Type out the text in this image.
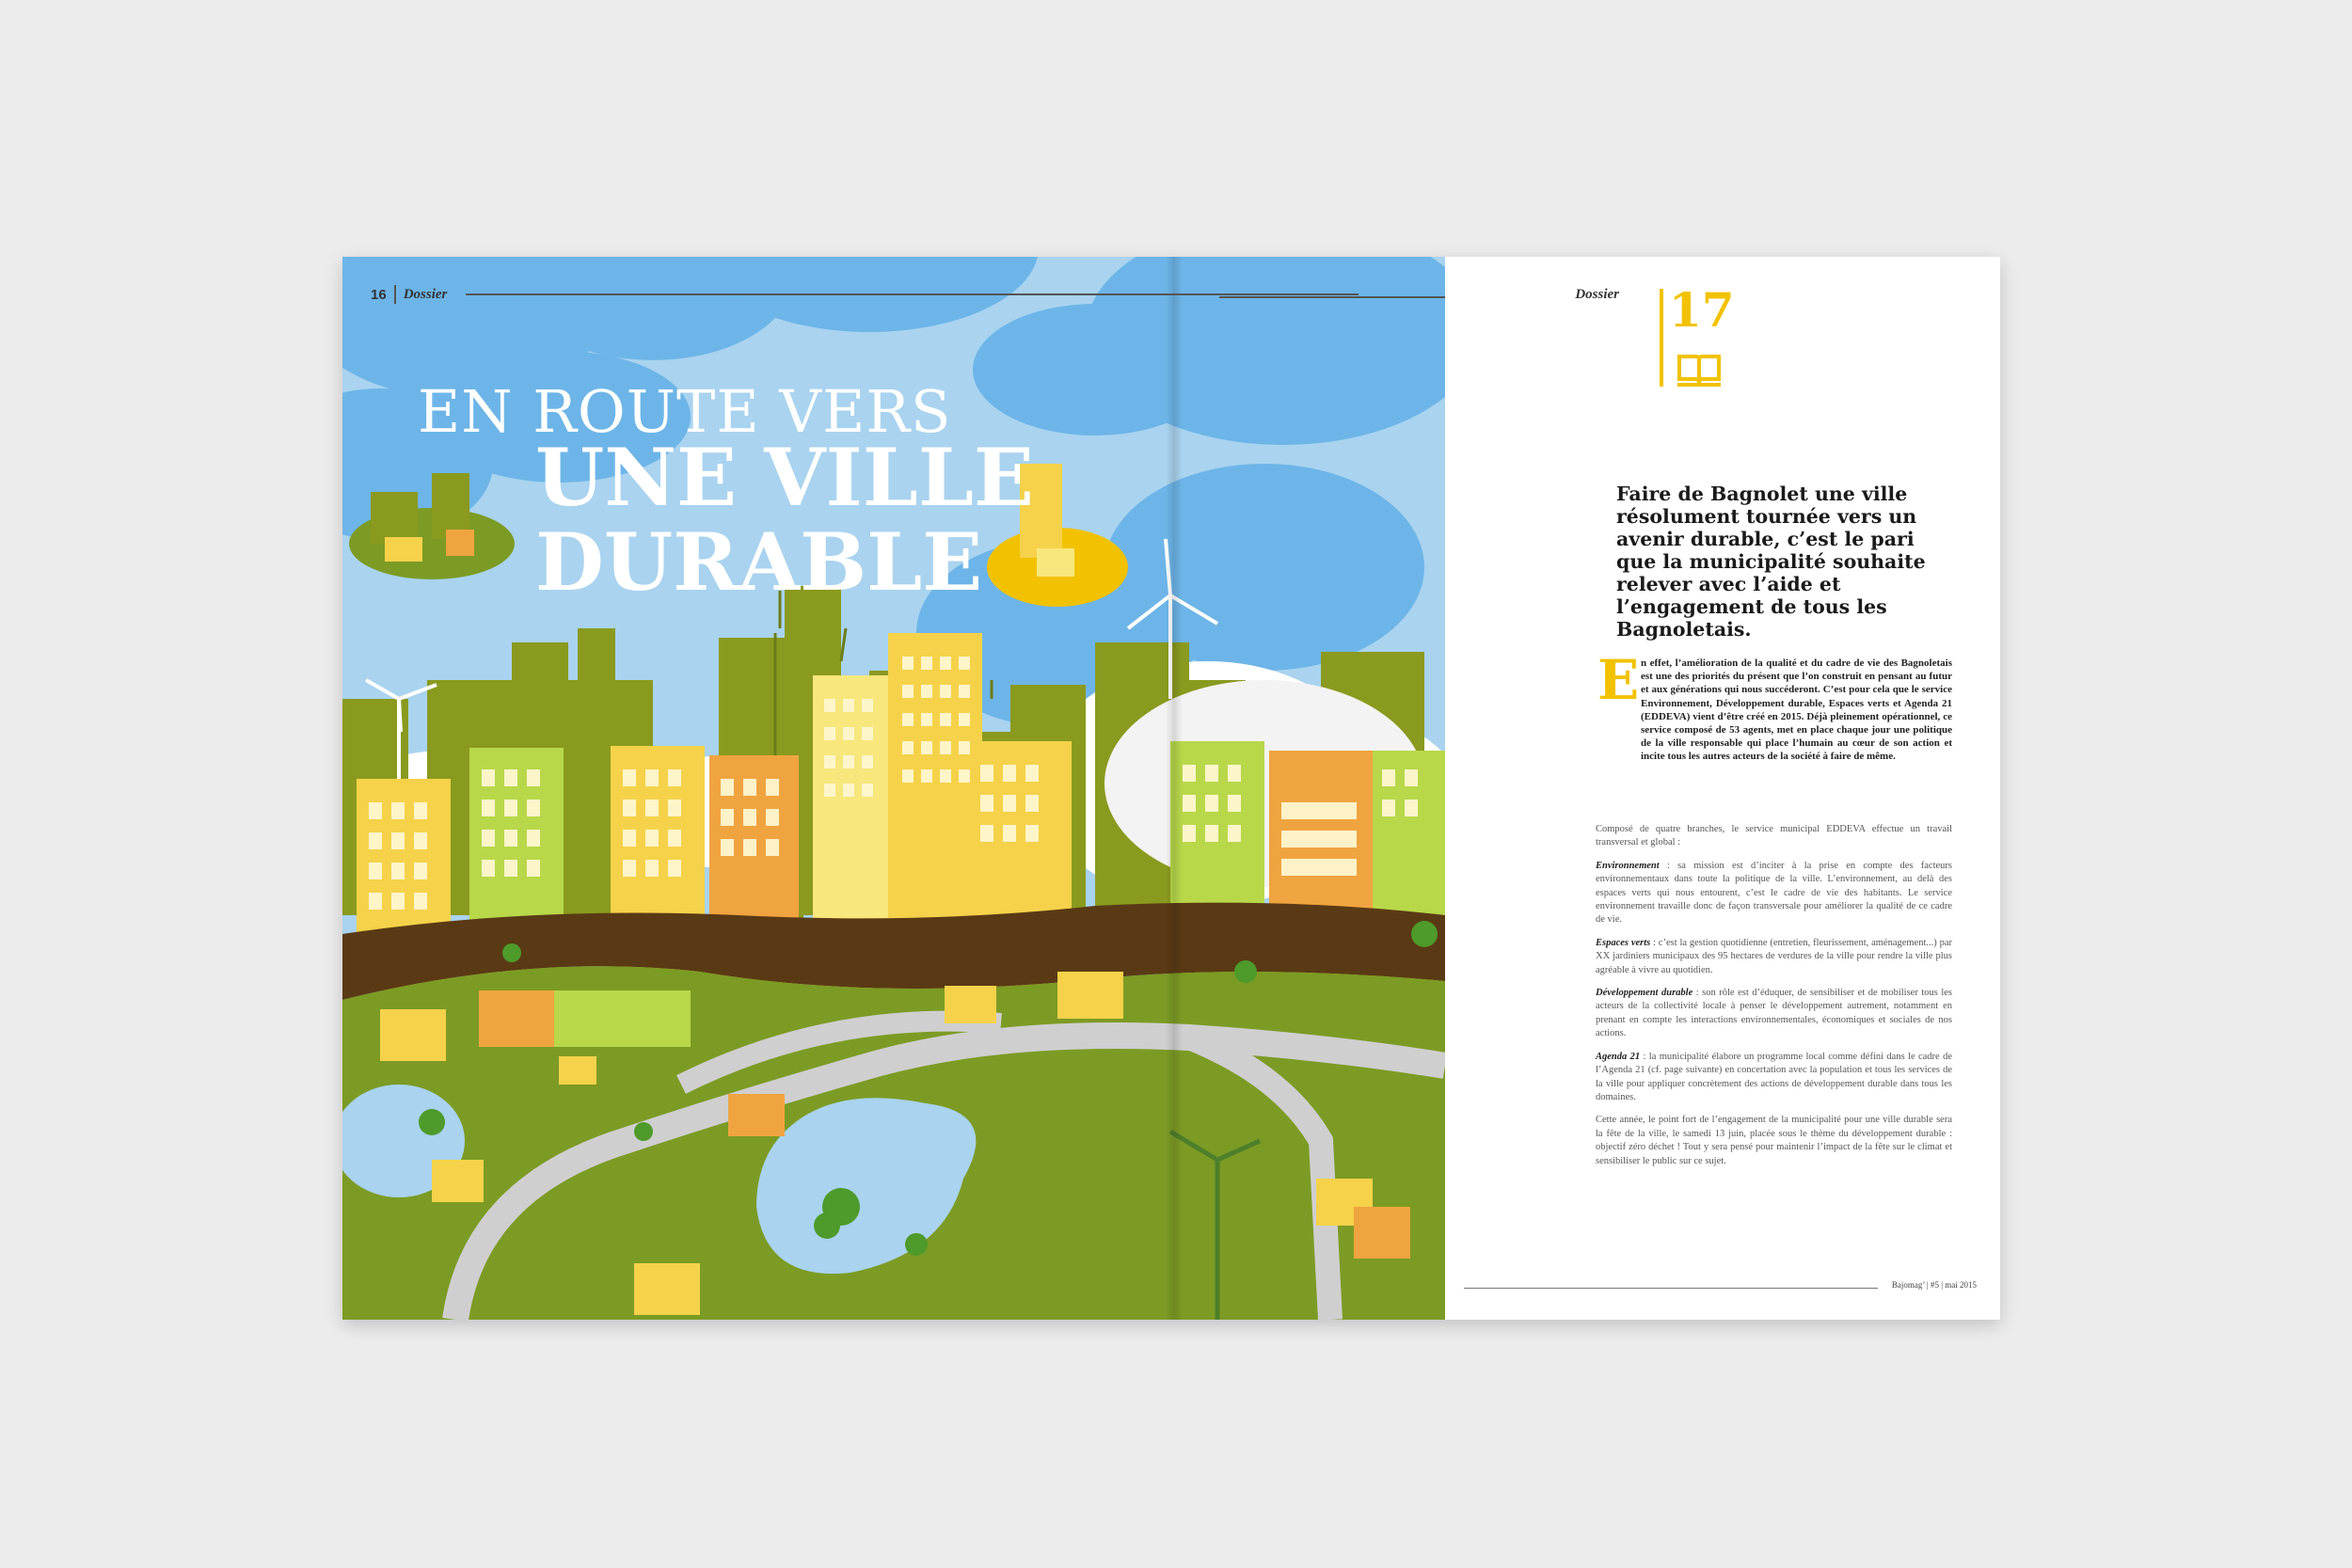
16 Dossier
EN ROUTE VERS
UNE VILLE
DURABLE
Dossier 17
Faire de Bagnolet une ville résolument tournée vers un avenir durable, c’est le pari que la municipalité souhaite relever avec l’aide et l’engagement de tous les Bagnoletais.
E n effet, l’amélioration de la qualité et du cadre de vie des Bagnoletais est une des priorités du présent que l’on construit en pensant au futur et aux générations qui nous succéderont. C’est pour cela que le service Environnement, Développement durable, Espaces verts et Agenda 21 (EDDEVA) vient d’être créé en 2015. Déjà pleinement opérationnel, ce service composé de 53 agents, met en place chaque jour une politique de la ville responsable qui place l’humain au cœur de son action et incite tous les autres acteurs de la société à faire de même.

Composé de quatre branches, le service municipal EDDEVA effectue un travail transversal et global :

Environnement : sa mission est d’inciter à la prise en compte des facteurs environnementaux dans toute la politique de la ville. L’environnement, au delà des espaces verts qui nous entourent, c’est le cadre de vie des habitants. Le service environnement travaille donc de façon transversale pour améliorer la qualité de ce cadre de vie.

Espaces verts : c’est la gestion quotidienne (entretien, fleurissement, aménagement...) par XX jardiniers municipaux des 95 hectares de verdures de la ville pour rendre la ville plus agréable à vivre au quotidien.

Développement durable : son rôle est d’éduquer, de sensibiliser et de mobiliser tous les acteurs de la collectivité locale à penser le développement autrement, notamment en prenant en compte les interactions environnementales, économiques et sociales de nos actions.

Agenda 21 : la municipalité élabore un programme local comme défini dans le cadre de l’Agenda 21 (cf. page suivante) en concertation avec la population et tous les services de la ville pour appliquer concrètement des actions de développement durable dans tous les domaines.

Cette année, le point fort de l’engagement de la municipalité pour une ville durable sera la fête de la ville, le samedi 13 juin, placée sous le thème du développement durable : objectif zéro déchet ! Tout y sera pensé pour maintenir l’impact de la fête sur le climat et sensibiliser le public sur ce sujet.

Bajomag’ | #5 | mai 2015
